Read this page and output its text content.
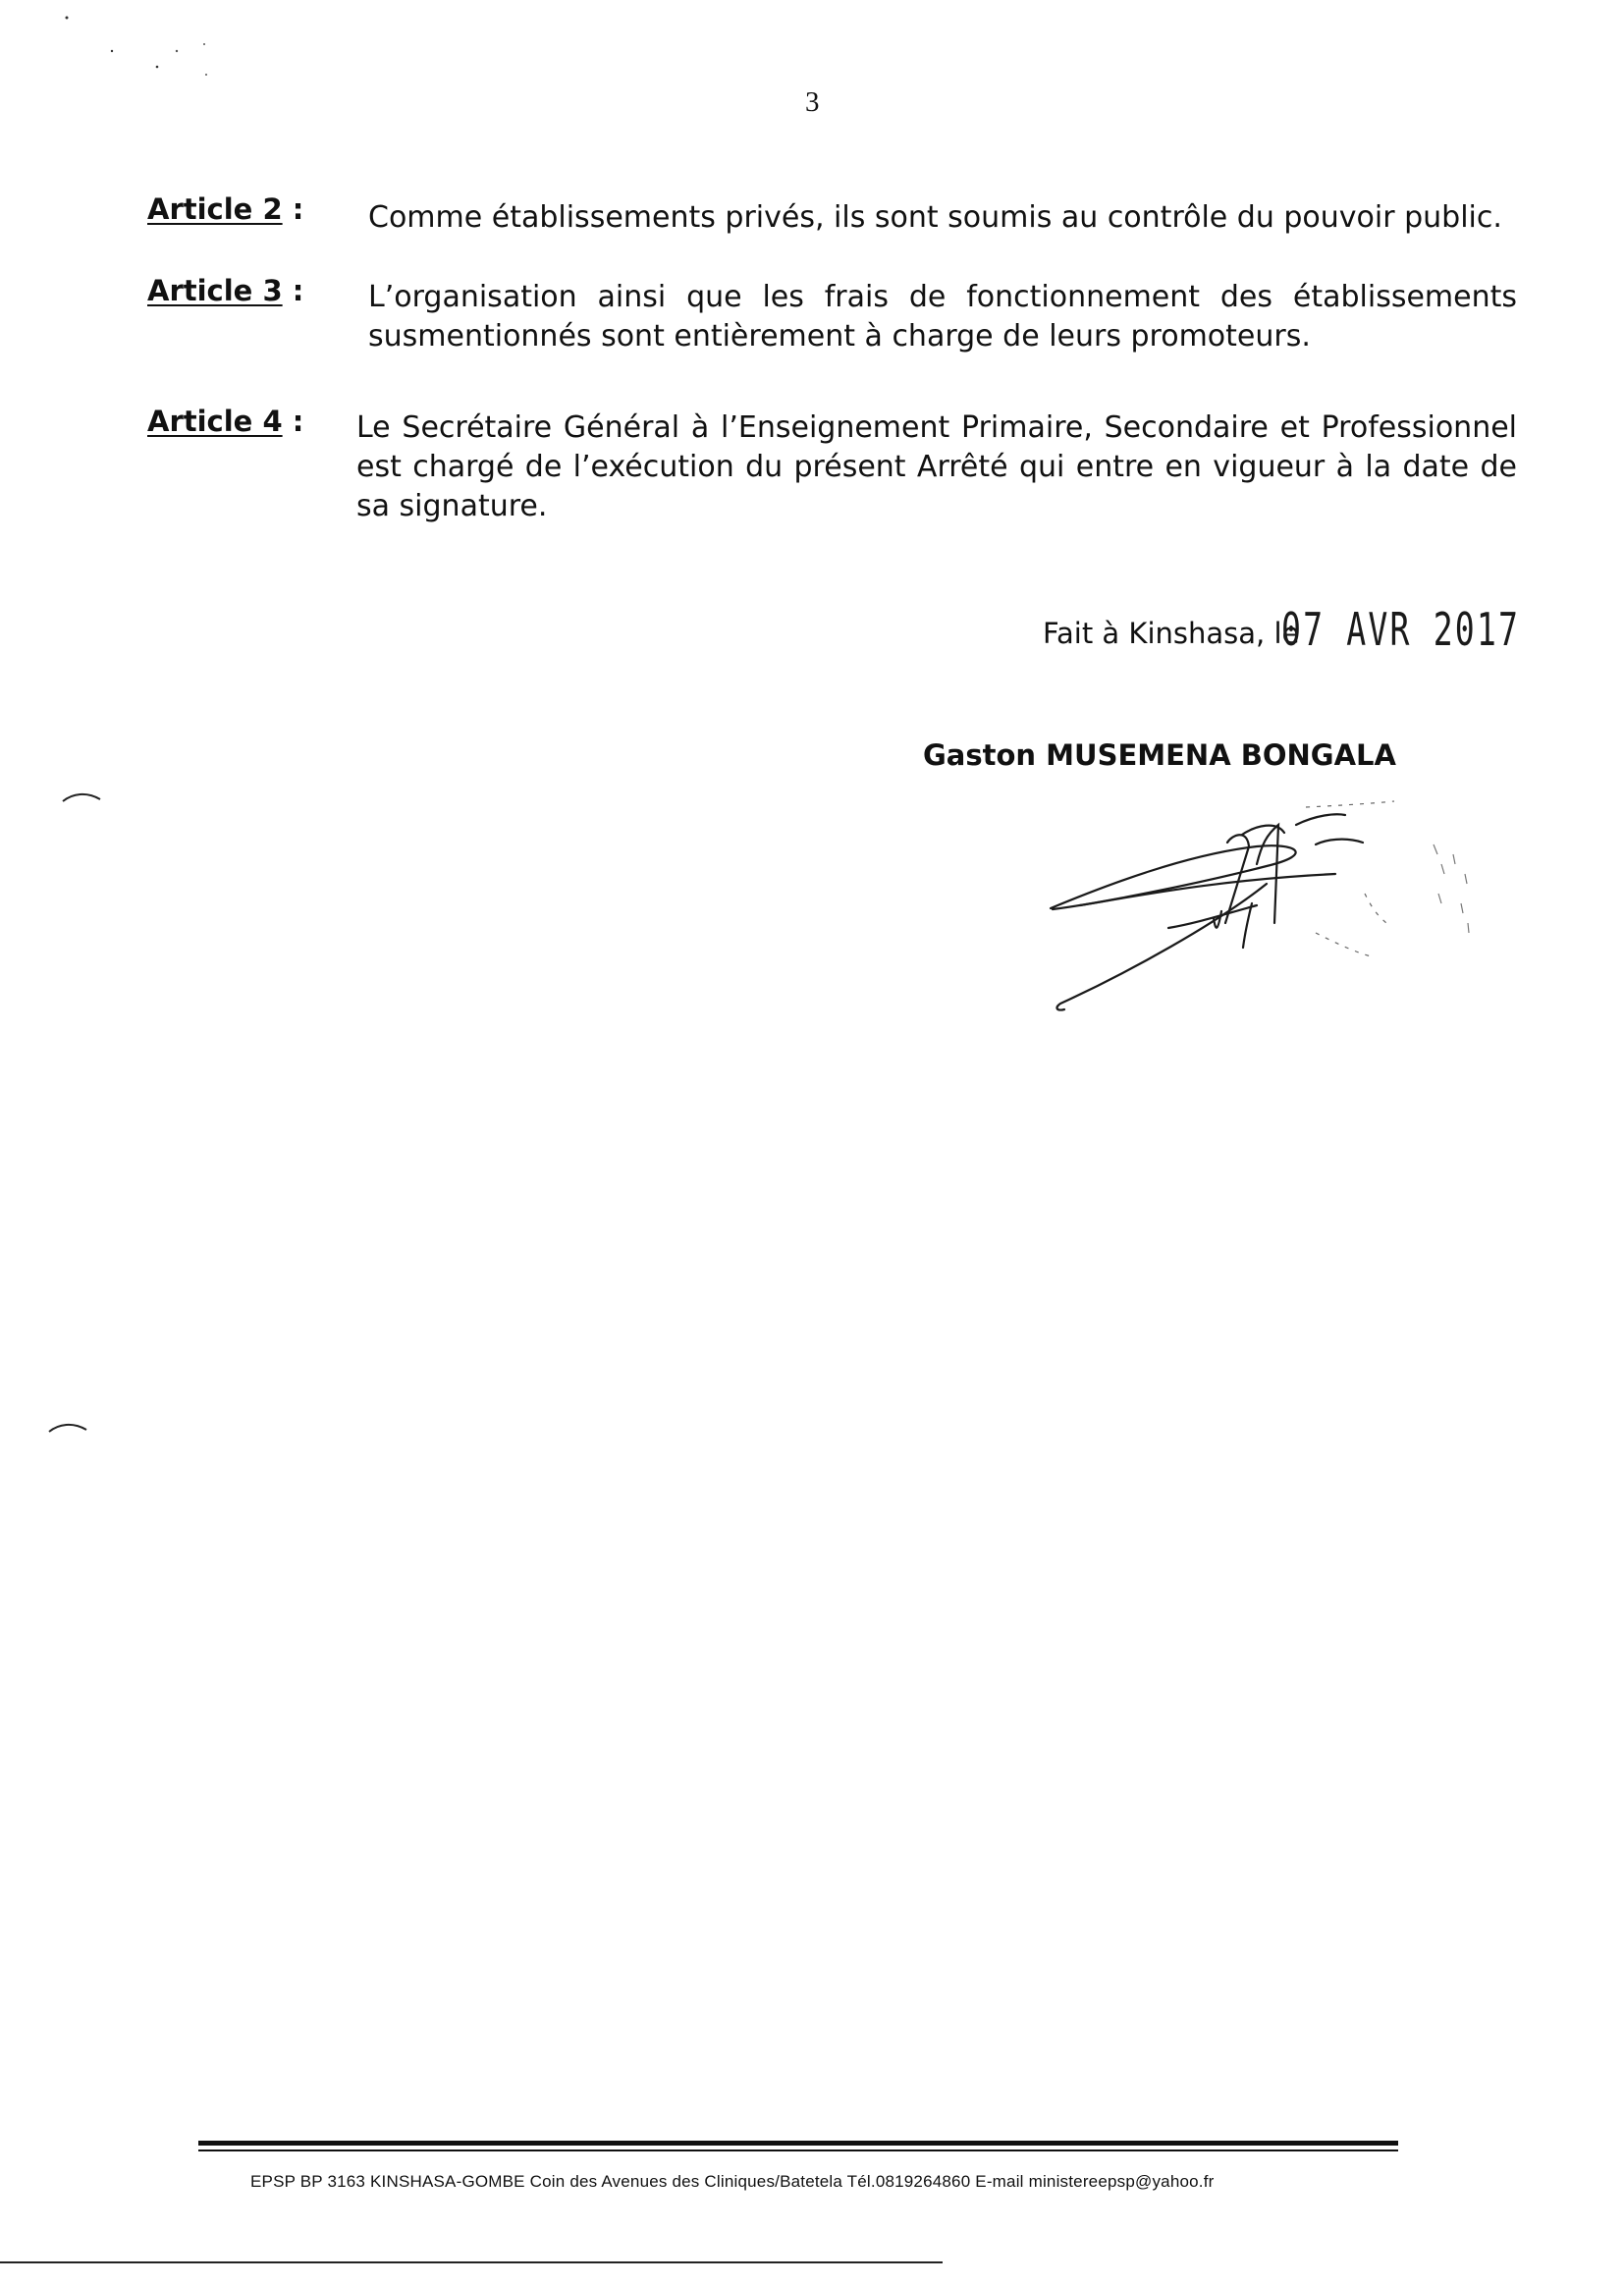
3
Article 2 :	Comme établissements privés, ils sont soumis au contrôle du pouvoir public.
Article 3 :	L’organisation ainsi que les frais de fonctionnement des établissements susmentionnés sont entièrement à charge de leurs promoteurs.
Article 4 :	Le Secrétaire Général à l’Enseignement Primaire, Secondaire et Professionnel est chargé de l’exécution du présent Arrêté qui entre en vigueur à la date de sa signature.
Fait à Kinshasa, le
07 AVR 2017
Gaston MUSEMENA BONGALA
EPSP BP 3163 KINSHASA-GOMBE Coin des Avenues des Cliniques/Batetela Tél.0819264860 E-mail ministereepsp@yahoo.fr
